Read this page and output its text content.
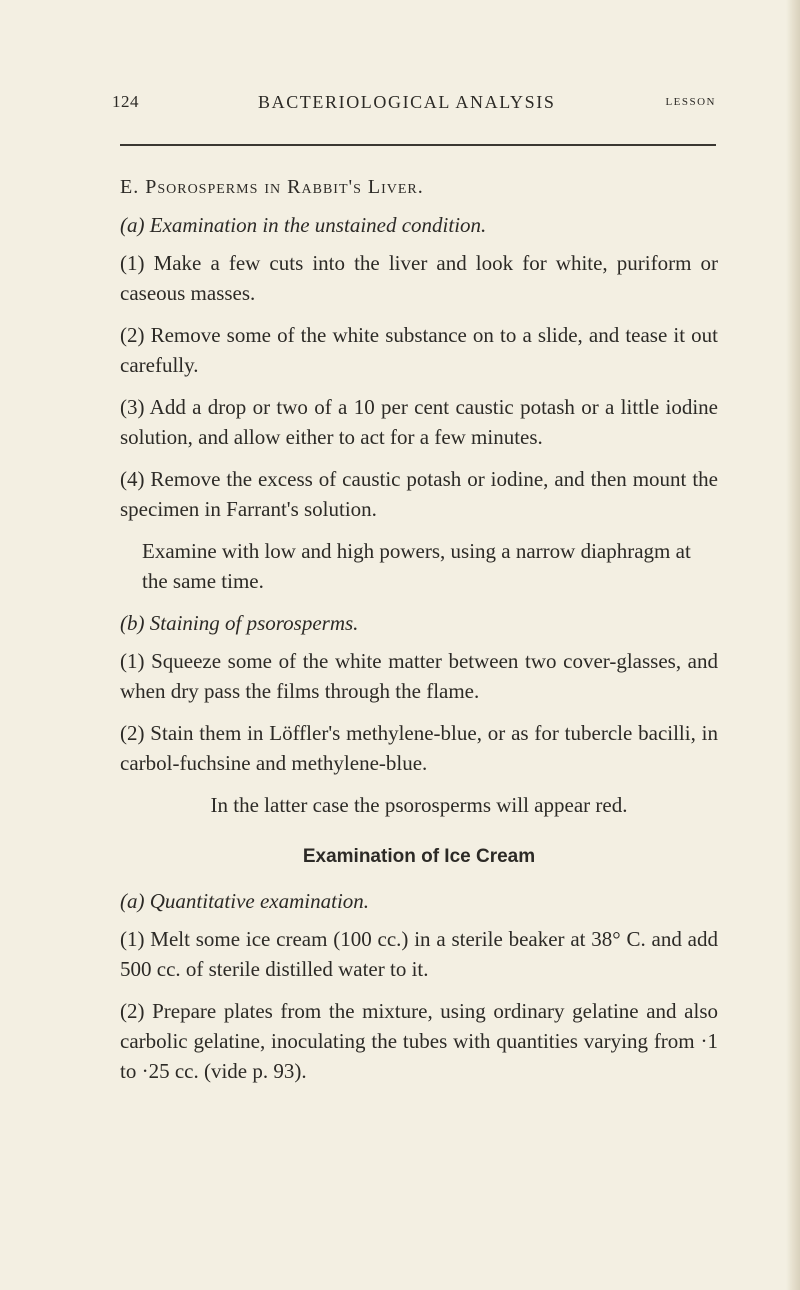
124	BACTERIOLOGICAL ANALYSIS	LESSON

E. Psorosperms in Rabbit's Liver.

(a) Examination in the unstained condition.

(1) Make a few cuts into the liver and look for white, puriform or caseous masses.

(2) Remove some of the white substance on to a slide, and tease it out carefully.

(3) Add a drop or two of a 10 per cent caustic potash or a little iodine solution, and allow either to act for a few minutes.

(4) Remove the excess of caustic potash or iodine, and then mount the specimen in Farrant's solution.

Examine with low and high powers, using a narrow diaphragm at the same time.

(b) Staining of psorosperms.

(1) Squeeze some of the white matter between two cover-glasses, and when dry pass the films through the flame.

(2) Stain them in Löffler's methylene-blue, or as for tubercle bacilli, in carbol-fuchsine and methylene-blue.

In the latter case the psorosperms will appear red.

Examination of Ice Cream

(a) Quantitative examination.

(1) Melt some ice cream (100 cc.) in a sterile beaker at 38° C. and add 500 cc. of sterile distilled water to it.

(2) Prepare plates from the mixture, using ordinary gelatine and also carbolic gelatine, inoculating the tubes with quantities varying from ·1 to ·25 cc. (vide p. 93).
